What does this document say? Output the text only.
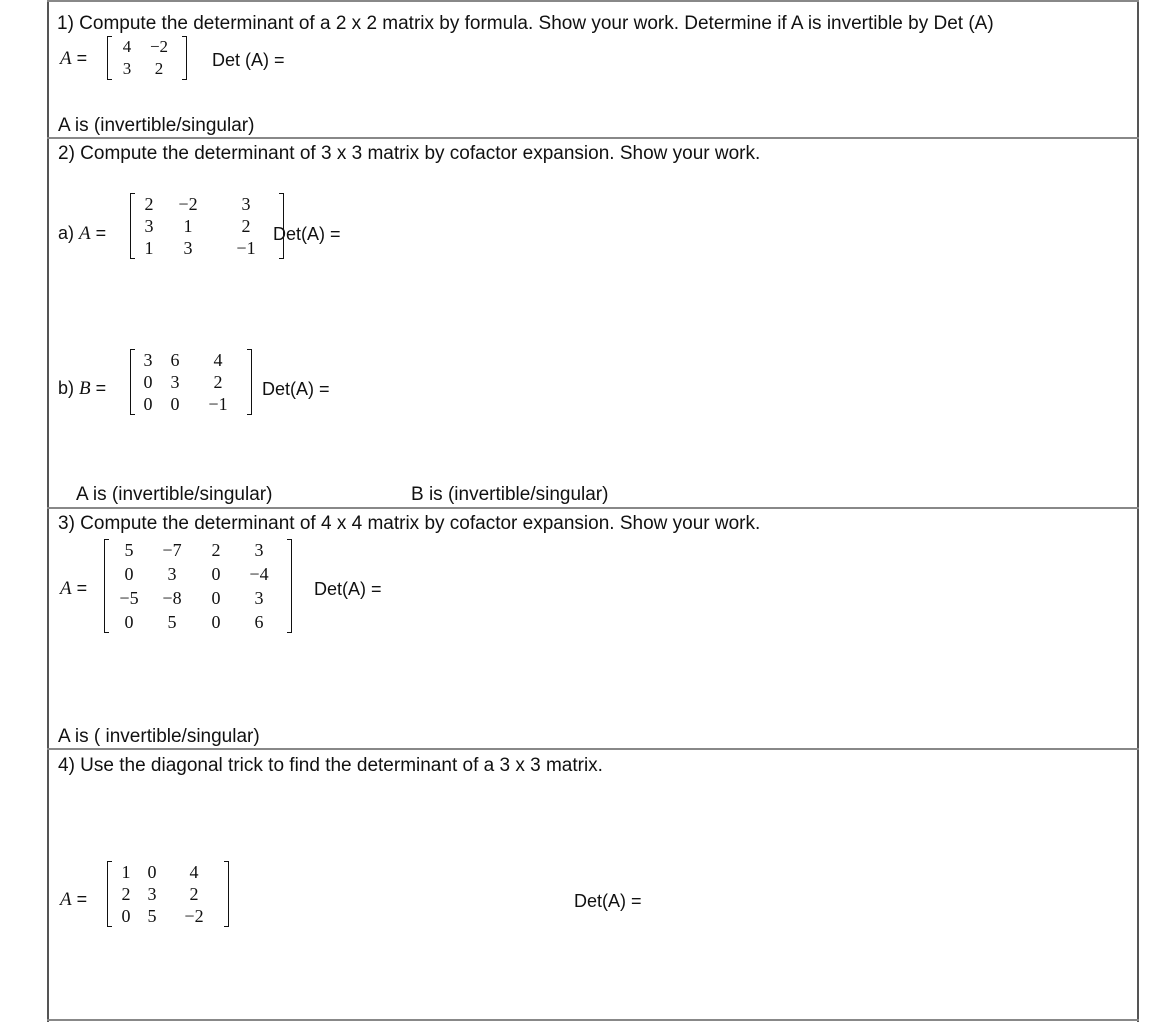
1) Compute the determinant of a 2 x 2 matrix by formula. Show your work. Determine if A is invertible by Det (A)
A =
4	−2
3	2	Det (A) =
A is (invertible/singular)
2) Compute the determinant of 3 x 3 matrix by cofactor expansion. Show your work.
a) A =
2	−2	3
3	1	2
1	3	−1
Det(A) =
b) B =
3	6	4
0	3	2
0	0	−1
Det(A) =
A is (invertible/singular)	B is (invertible/singular)
3) Compute the determinant of 4 x 4 matrix by cofactor expansion. Show your work.
A =
5	−7	2	3
0	3	0	−4
−5	−8	0	3
0	5	0	6
Det(A) =
A is ( invertible/singular)
4) Use the diagonal trick to find the determinant of a 3 x 3 matrix.
A =
1 0	4
2 3	2
0 5	−2
Det(A) =
